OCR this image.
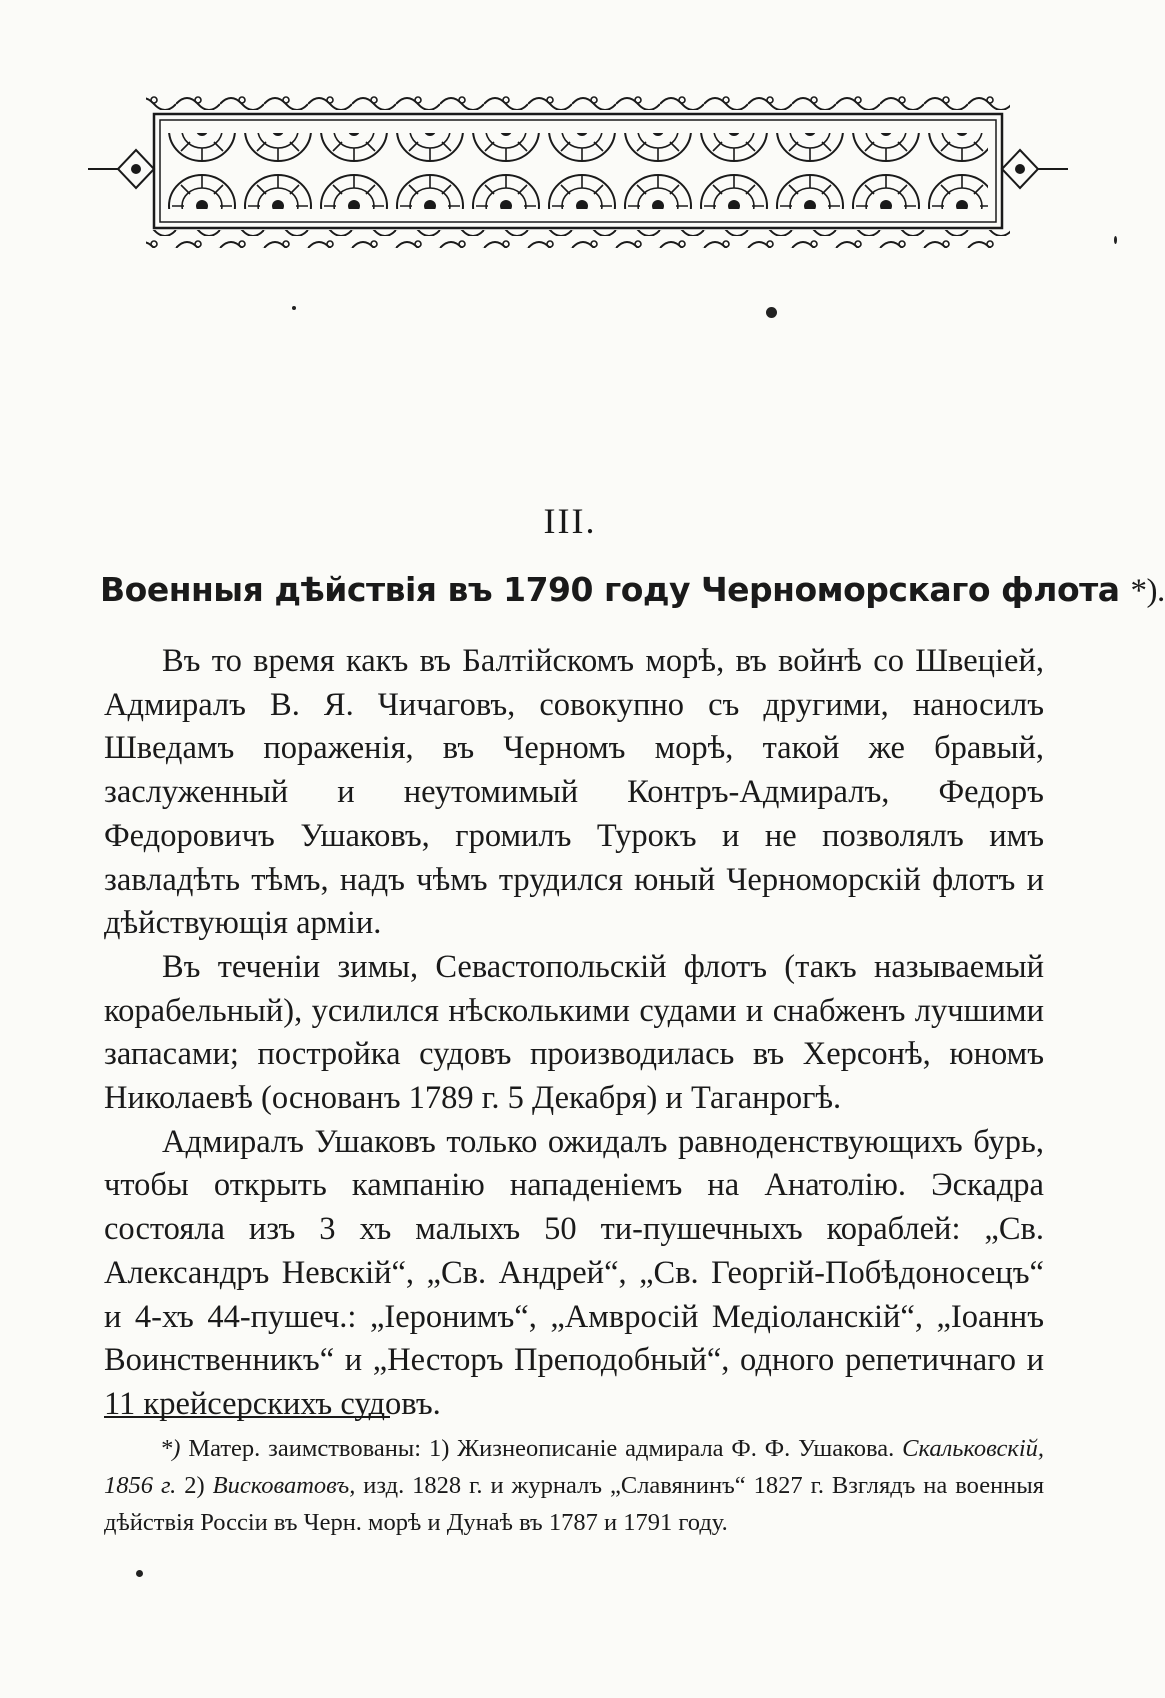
III.
Военныя дѣйствія въ 1790 году Черноморскаго флота *).

Въ то время какъ въ Балтійскомъ морѣ, въ войнѣ со Швеціей, Адмиралъ В. Я. Чичаговъ, совокупно съ другими, наносилъ Шведамъ пораженія, въ Черномъ морѣ, такой же бравый, заслуженный и неутомимый Контръ-Адмиралъ, Федоръ Федоровичъ Ушаковъ, громилъ Турокъ и не позволялъ имъ завладѣть тѣмъ, надъ чѣмъ трудился юный Черноморскій флотъ и дѣйствующія арміи.

Въ теченіи зимы, Севастопольскій флотъ (такъ называемый корабельный), усилился нѣсколькими судами и снабженъ лучшими запасами; постройка судовъ производилась въ Херсонѣ, юномъ Николаевѣ (основанъ 1789 г. 5 Декабря) и Таганрогѣ.

Адмиралъ Ушаковъ только ожидалъ равноденствующихъ бурь, чтобы открыть кампанію нападеніемъ на Анатолію. Эскадра состояла изъ 3 хъ малыхъ 50 ти-пушечныхъ кораблей: „Св. Александръ Невскій“, „Св. Андрей“, „Св. Георгій-Побѣдоносецъ“ и 4-хъ 44-пушеч.: „Іеронимъ“, „Амвросій Медіоланскій“, „Іоаннъ Воинственникъ“ и „Несторъ Преподобный“, одного репетичнаго и 11 крейсерскихъ судовъ.

*) Матер. заимствованы: 1) Жизнеописаніе адмирала Ф. Ф. Ушакова. Скальковскій, 1856 г. 2) Висковатовъ, изд. 1828 г. и журналъ „Славянинъ“ 1827 г. Взглядъ на военныя дѣйствія Россіи въ Черн. морѣ и Дунаѣ въ 1787 и 1791 году.
